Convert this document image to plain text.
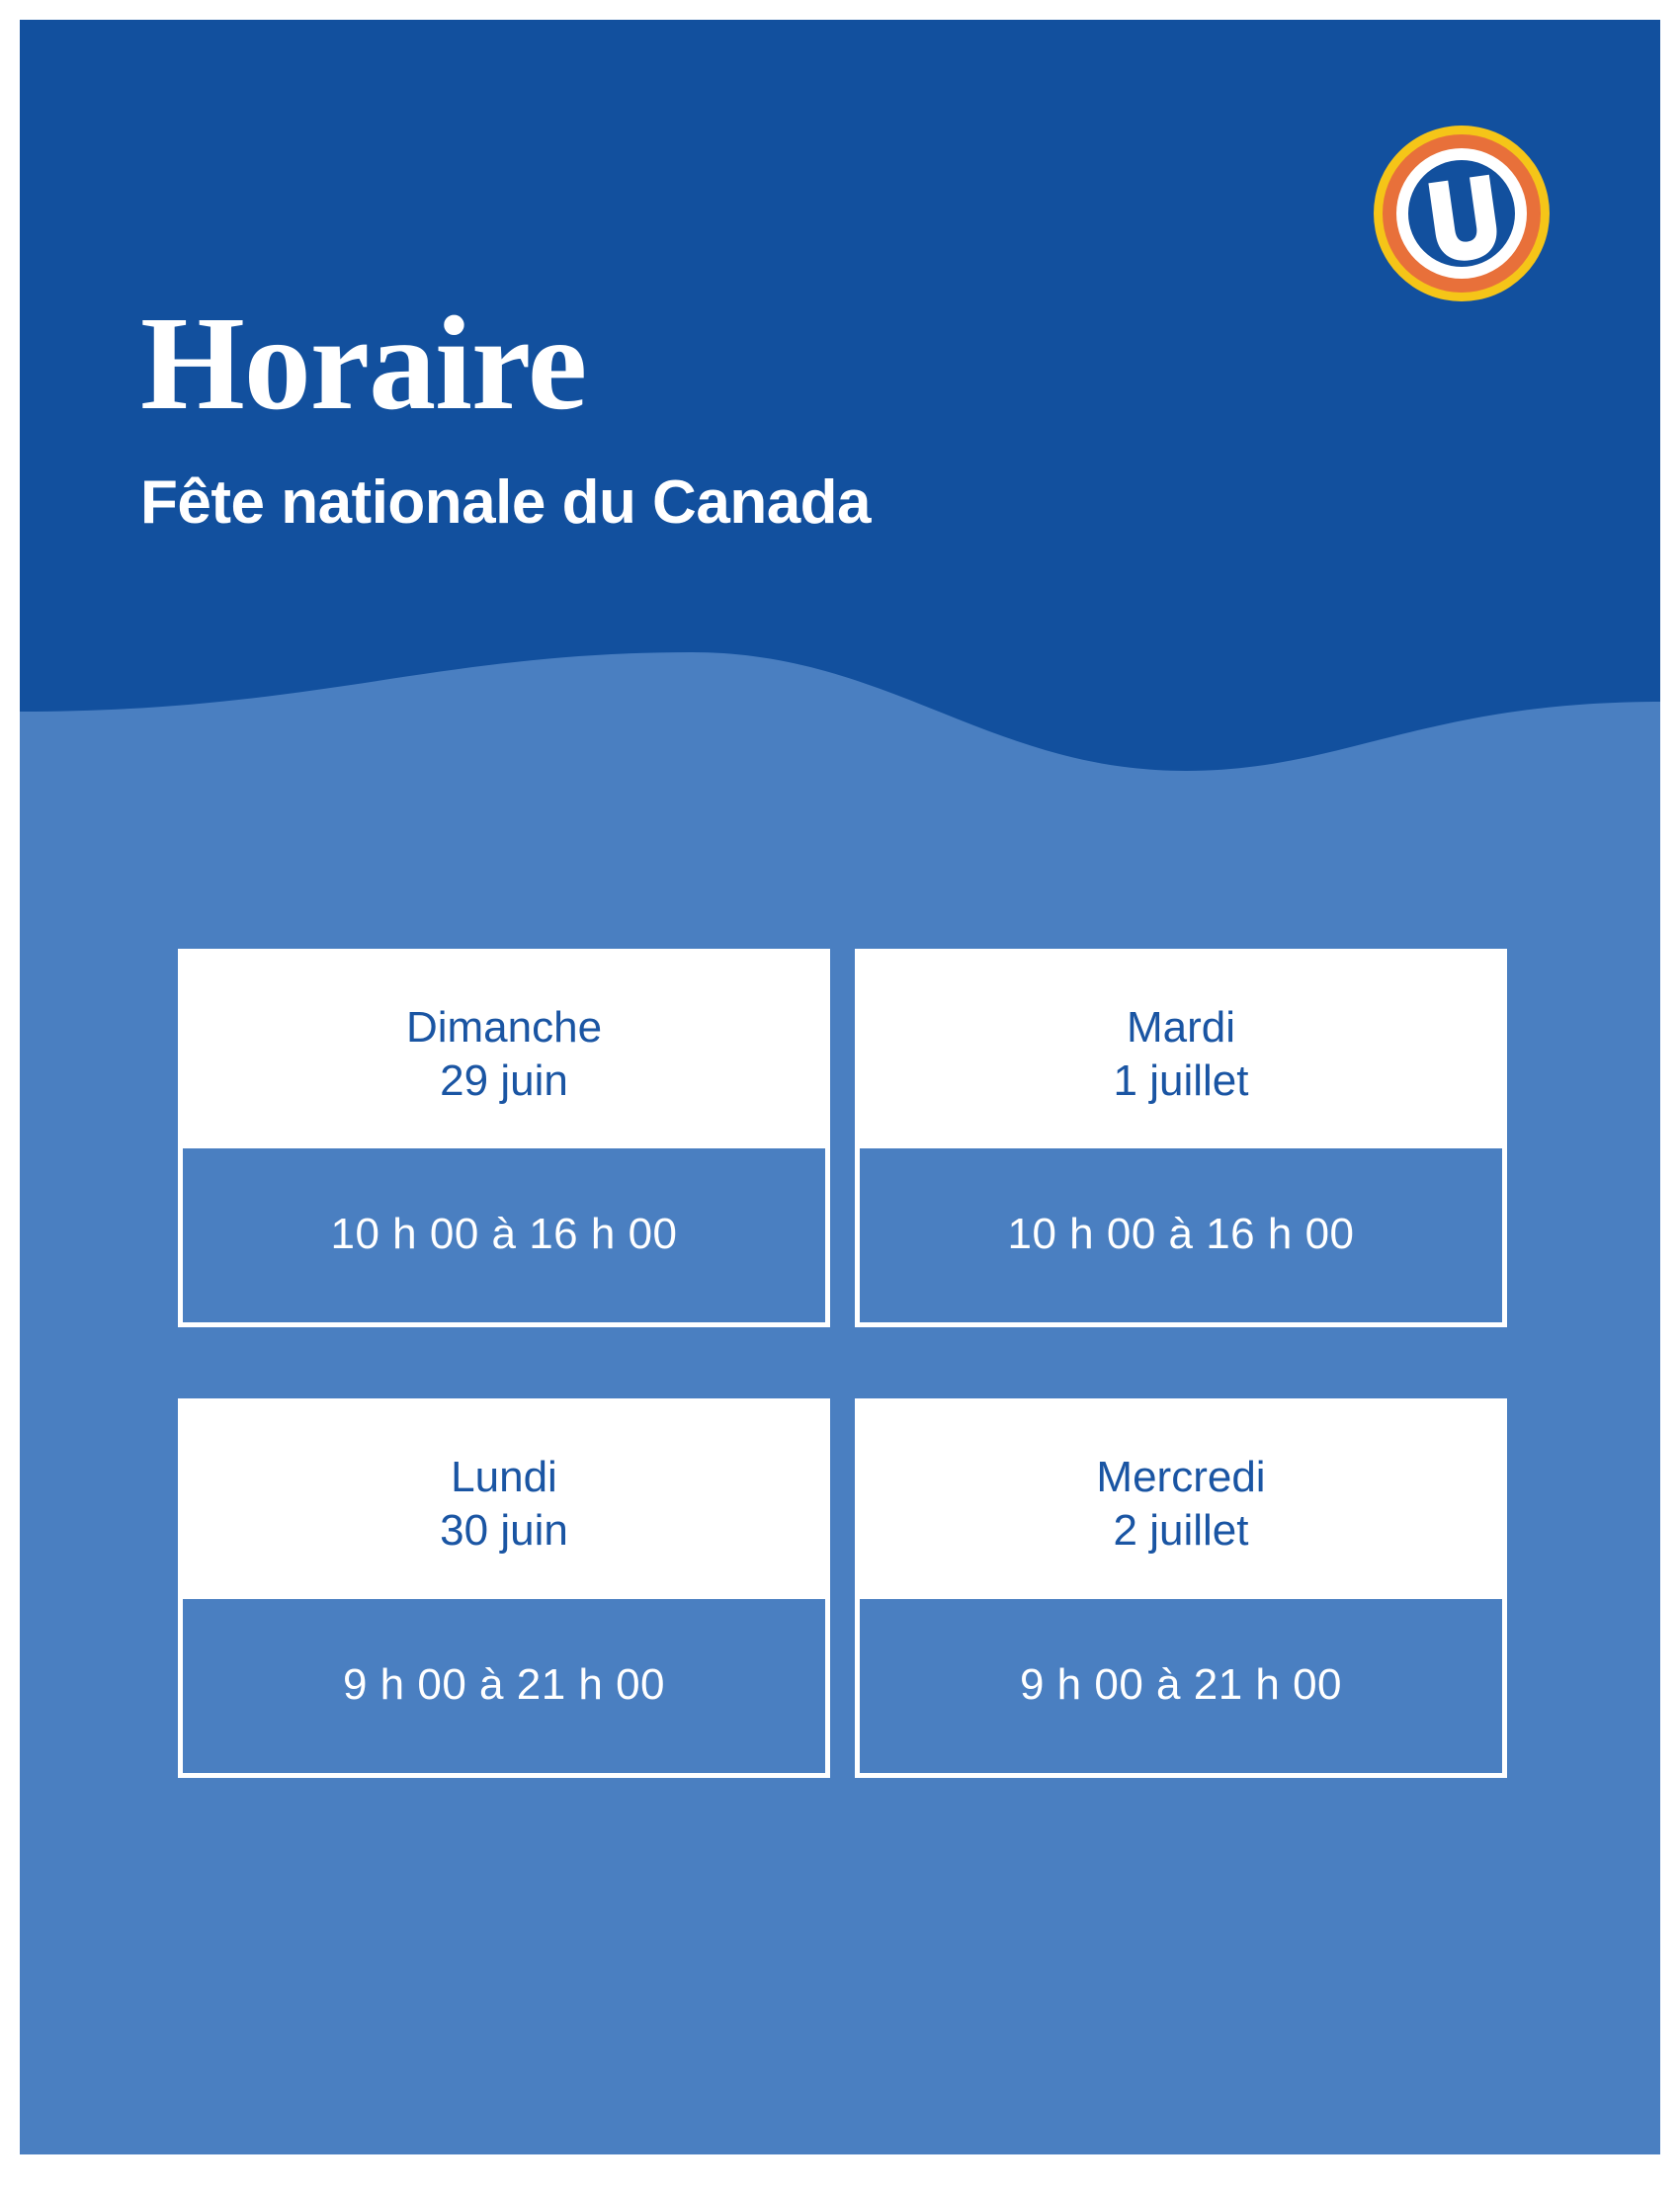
Horaire
Fête nationale du Canada
Dimanche
29 juin
10 h 00 à 16 h 00
Mardi
1 juillet
10 h 00 à 16 h 00
Lundi
30 juin
9 h 00 à 21 h 00
Mercredi
2 juillet
9 h 00 à 21 h 00
